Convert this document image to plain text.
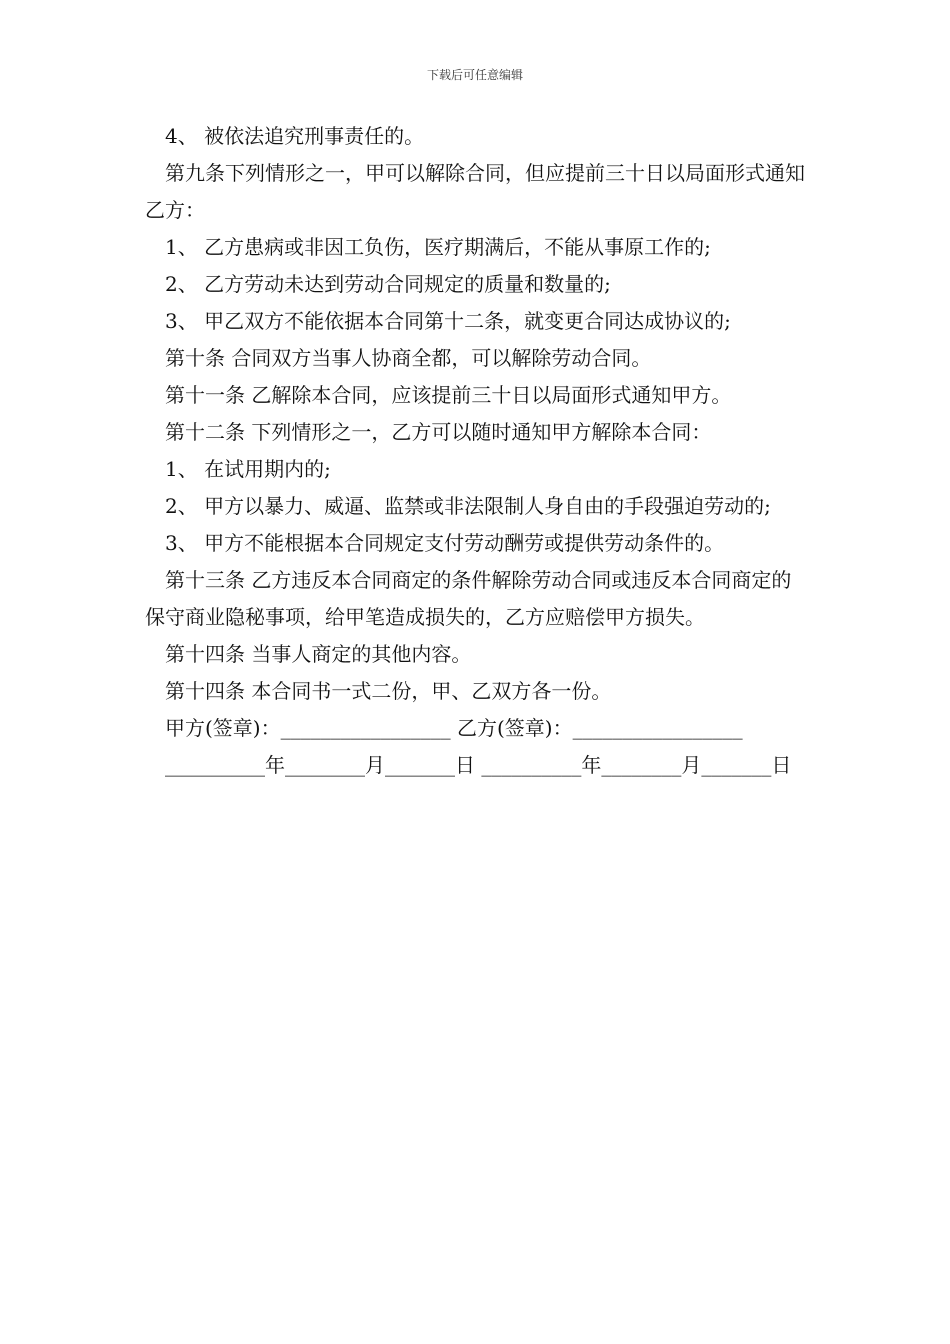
下载后可任意编辑
4、 被依法追究刑事责任的。
第九条下列情形之一，甲可以解除合同，但应提前三十日以局面形式通知乙方：
1、 乙方患病或非因工负伤，医疗期满后，不能从事原工作的;
2、 乙方劳动未达到劳动合同规定的质量和数量的;
3、 甲乙双方不能依据本合同第十二条，就变更合同达成协议的;
第十条 合同双方当事人协商全都，可以解除劳动合同。
第十一条 乙解除本合同，应该提前三十日以局面形式通知甲方。
第十二条 下列情形之一，乙方可以随时通知甲方解除本合同：
1、 在试用期内的;
2、 甲方以暴力、威逼、监禁或非法限制人身自由的手段强迫劳动的;
3、 甲方不能根据本合同规定支付劳动酬劳或提供劳动条件的。
第十三条 乙方违反本合同商定的条件解除劳动合同或违反本合同商定的保守商业隐秘事项，给甲笔造成损失的，乙方应赔偿甲方损失。
第十四条 当事人商定的其他内容。
第十四条 本合同书一式二份，甲、乙双方各一份。
甲方(签章)：_________________ 乙方(签章)：_________________
__________年________月_______日 __________年________月_______日
